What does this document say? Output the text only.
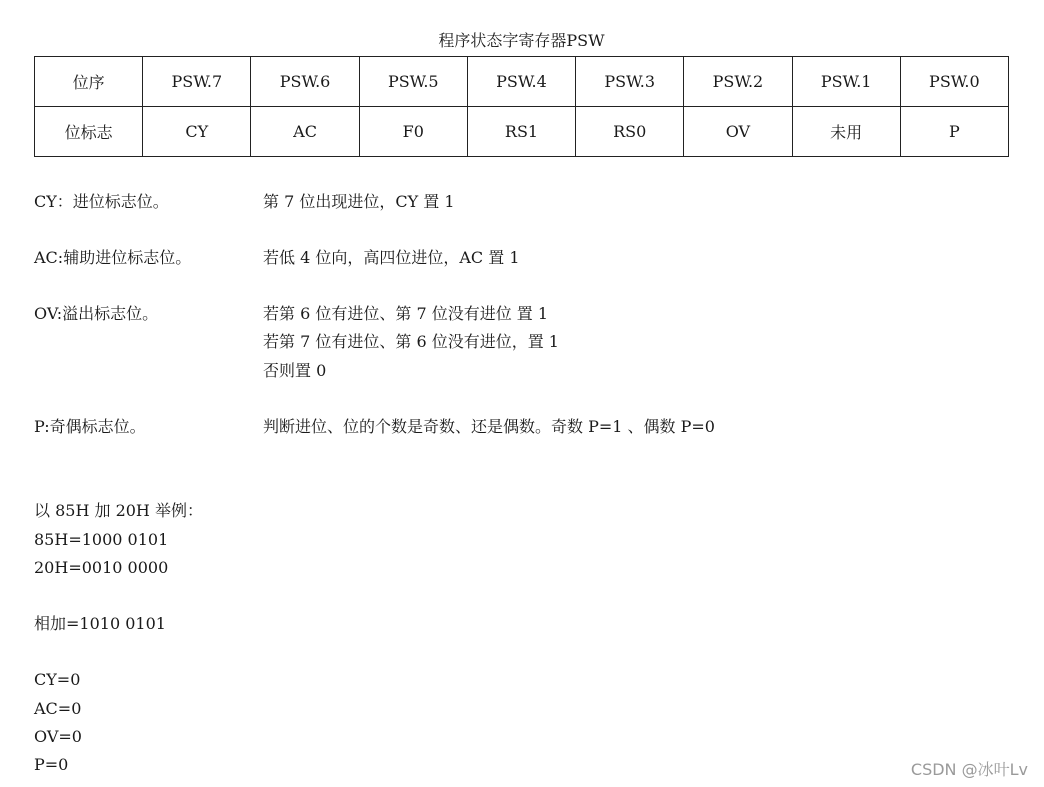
程序状态字寄存器PSW
位序	PSW.7	PSW.6	PSW.5	PSW.4	PSW.3	PSW.2	PSW.1	PSW.0
位标志	CY	AC	F0	RS1	RS0	OV	未用	P
CY：进位标志位。	第 7 位出现进位，CY 置 1
AC:辅助进位标志位。	若低 4 位向，高四位进位，AC 置 1
OV:溢出标志位。	若第 6 位有进位、第 7 位没有进位 置 1
若第 7 位有进位、第 6 位没有进位，置 1
否则置 0
P:奇偶标志位。	判断进位、位的个数是奇数、还是偶数。奇数 P=1 、偶数 P=0
以 85H 加 20H 举例：
85H=1000 0101
20H=0010 0000
相加=1010 0101
CY=0
AC=0
OV=0
P=0	CSDN @冰叶Lv
